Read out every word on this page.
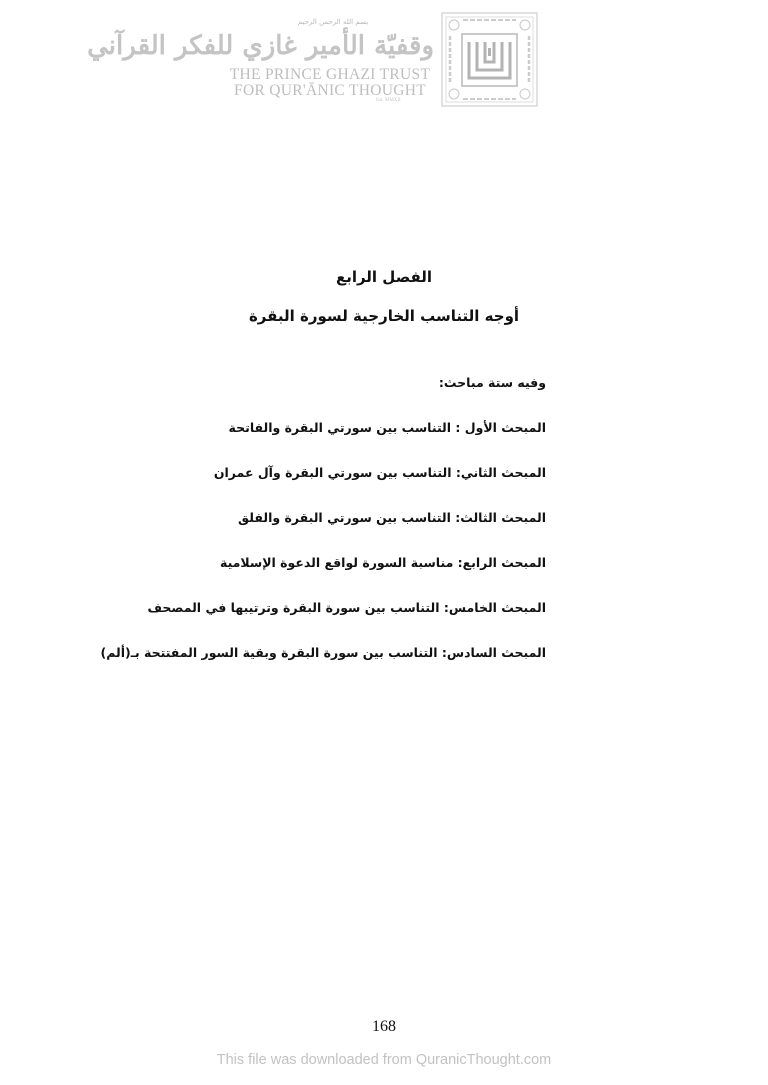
بسم الله الرحمن الرحيم
وقفيّة الأمير غازي للفكر القرآني
THE PRINCE GHAZI TRUST
FOR QUR'ĀNIC THOUGHT
Est. MMXII
الفصل الرابع
أوجه التناسب الخارجية لسورة البقرة
وفيه ستة مباحث:
المبحث الأول : التناسب بين سورتي البقرة والفاتحة
المبحث الثاني: التناسب بين سورتي البقرة وآل عمران
المبحث الثالث: التناسب بين سورتي البقرة والفلق
المبحث الرابع: مناسبة السورة لواقع الدعوة الإسلامية
المبحث الخامس: التناسب بين سورة البقرة وترتيبها في المصحف
المبحث السادس: التناسب بين سورة البقرة وبقية السور المفتتحة بـ(ألم)
168
This file was downloaded from QuranicThought.com
